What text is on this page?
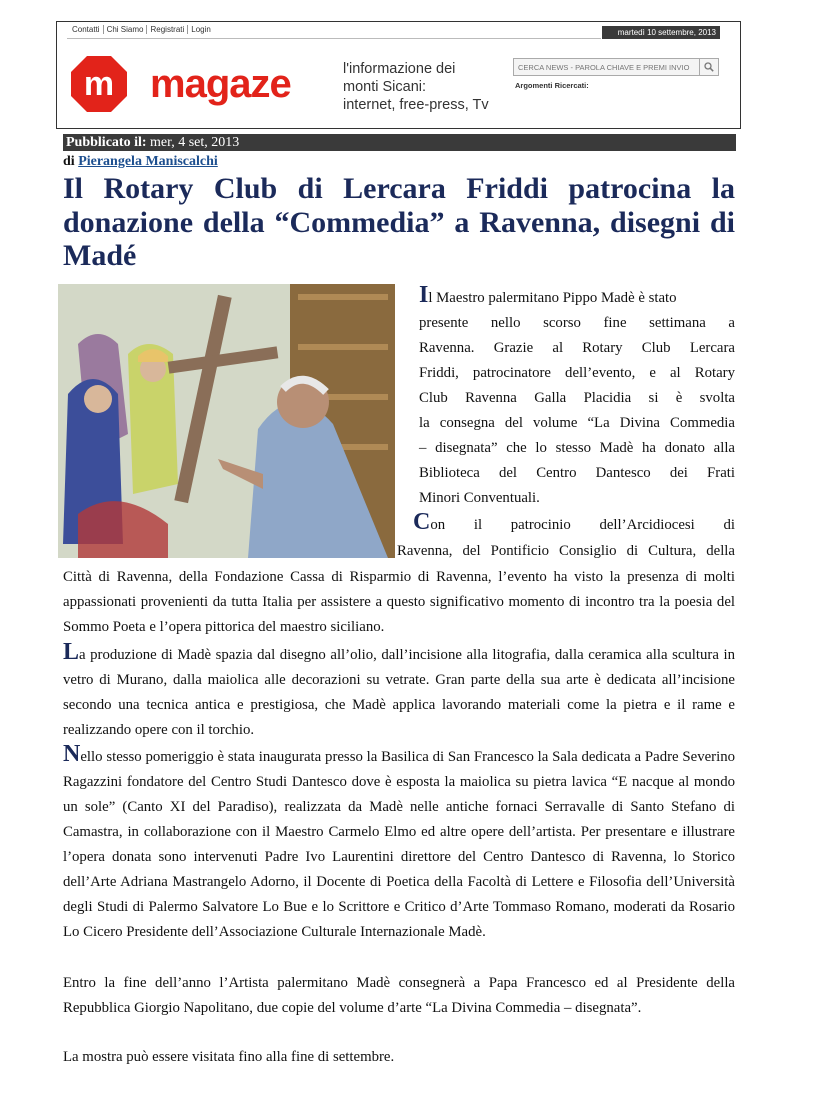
Contatti Chi Siamo Registrati Login	martedì 10 settembre, 2013
m magaze	l'informazione dei
monti Sicani:
internet, free-press, Tv
CERCA NEWS - PAROLA CHIAVE E PREMI INVIO
Argomenti Ricercati:
Pubblicato il: mer, 4 set, 2013
di Pierangela Maniscalchi
Il Rotary Club di Lercara Friddi patrocina la donazione della “Commedia” a Ravenna, disegni di Madé
Il Maestro palermitano Pippo Madè è stato
presente nello scorso fine settimana a
Ravenna. Grazie al Rotary Club Lercara
Friddi, patrocinatore dell’evento, e al Rotary
Club Ravenna Galla Placidia si è svolta
la consegna del volume “La Divina Commedia
– disegnata” che lo stesso Madè ha donato alla
Biblioteca del Centro Dantesco dei Frati
Minori Conventuali.
Con il patrocinio dell’Arcidiocesi di
Ravenna, del Pontificio Consiglio di Cultura, della
Città di Ravenna, della Fondazione Cassa di Risparmio di Ravenna, l’evento ha visto la presenza di molti appassionati provenienti da tutta Italia per assistere a questo significativo momento di incontro tra la poesia del Sommo Poeta e l’opera pittorica del maestro siciliano.
La produzione di Madè spazia dal disegno all’olio, dall’incisione alla litografia, dalla ceramica alla scultura in vetro di Murano, dalla maiolica alle decorazioni su vetrate. Gran parte della sua arte è dedicata all’incisione secondo una tecnica antica e prestigiosa, che Madè applica lavorando materiali come la pietra e il rame e realizzando opere con il torchio.
Nello stesso pomeriggio è stata inaugurata presso la Basilica di San Francesco la Sala dedicata a Padre Severino Ragazzini fondatore del Centro Studi Dantesco dove è esposta la maiolica su pietra lavica “E nacque al mondo un sole” (Canto XI del Paradiso), realizzata da Madè nelle antiche fornaci Serravalle di Santo Stefano di Camastra, in collaborazione con il Maestro Carmelo Elmo ed altre opere dell’artista. Per presentare e illustrare l’opera donata sono intervenuti Padre Ivo Laurentini direttore del Centro Dantesco di Ravenna, lo Storico dell’Arte Adriana Mastrangelo Adorno, il Docente di Poetica della Facoltà di Lettere e Filosofia dell’Università degli Studi di Palermo Salvatore Lo Bue e lo Scrittore e Critico d’Arte Tommaso Romano, moderati da Rosario Lo Cicero Presidente dell’Associazione Culturale Internazionale Madè.
Entro la fine dell’anno l’Artista palermitano Madè consegnerà a Papa Francesco ed al Presidente della Repubblica Giorgio Napolitano, due copie del volume d’arte “La Divina Commedia – disegnata”.
La mostra può essere visitata fino alla fine di settembre.
